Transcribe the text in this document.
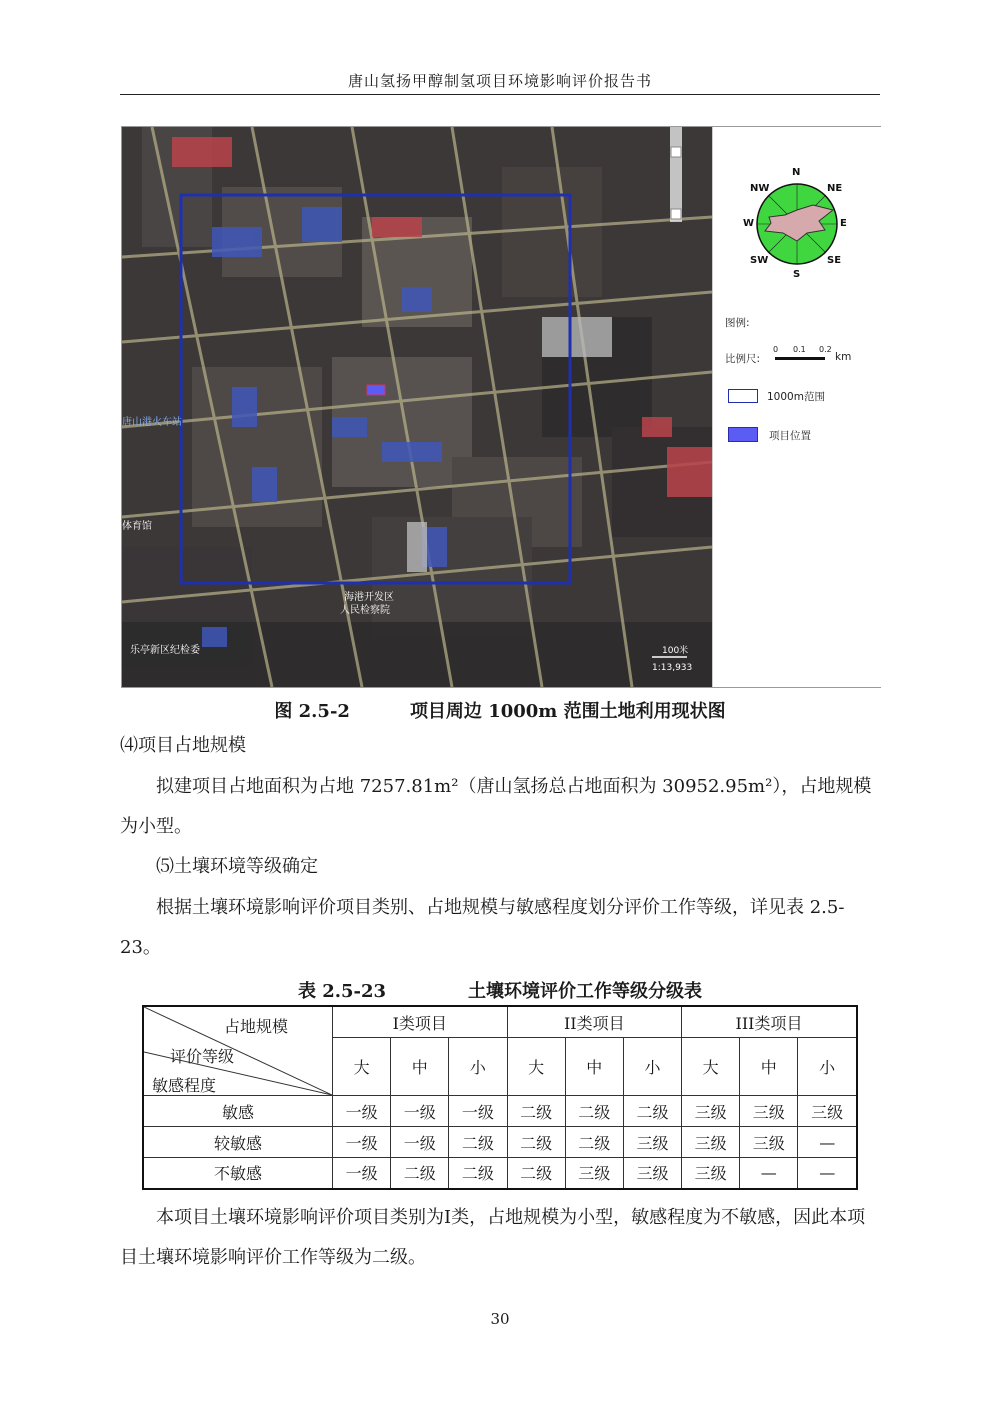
唐山氢扬甲醇制氢项目环境影响评价报告书
唐山港火车站
体育馆
海港开发区
人民检察院
乐亭新区纪检委	100米
1:13,933
N
NE
E
SE
S
SW
W
NW
图例:
比例尺:
0 0.1 0.2
km
1000m范围
项目位置
图 2.5-2	项目周边 1000m 范围土地利用现状图
⑷项目占地规模
拟建项目占地面积为占地 7257.81m²（唐山氢扬总占地面积为 30952.95m²），占地规模为小型。
⑸土壤环境等级确定
根据土壤环境影响评价项目类别、占地规模与敏感程度划分评价工作等级，详见表 2.5-23。
表 2.5-23	土壤环境评价工作等级分级表
占地规模
评价等级
敏感程度	I类项目			II类项目			III类项目		
	大	中	小	大	中	小	大	中	小
敏感	一级	一级	一级	二级	二级	二级	三级	三级	三级
较敏感	一级	一级	二级	二级	二级	三级	三级	三级	—
不敏感	一级	二级	二级	二级	三级	三级	三级	—	—
本项目土壤环境影响评价项目类别为I类，占地规模为小型，敏感程度为不敏感，因此本项目土壤环境影响评价工作等级为二级。
30
